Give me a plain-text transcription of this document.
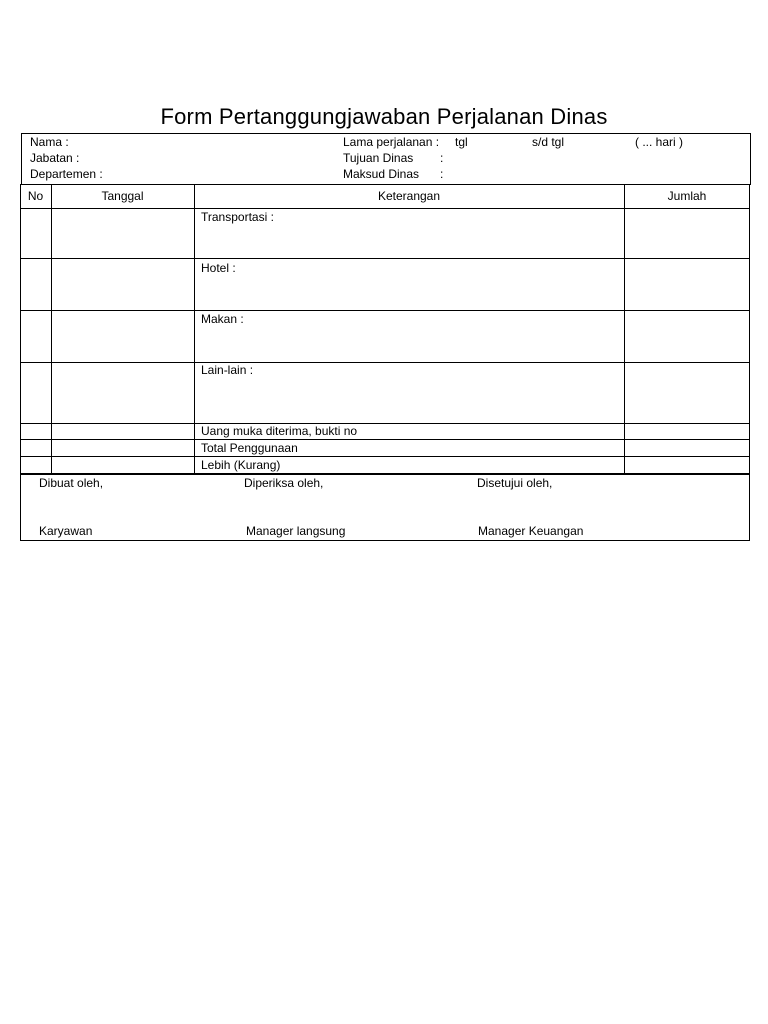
Form Pertanggungjawaban Perjalanan Dinas
Nama :
Jabatan :
Departemen :
Lama perjalanan : tgl	s/d tgl	( ... hari )
Tujuan Dinas :
Maksud Dinas :
No	Tanggal	Keterangan	Jumlah
Transportasi :
Hotel :
Makan :
Lain-lain :
Uang muka diterima, bukti no
Total Penggunaan
Lebih (Kurang)
Dibuat oleh,	Diperiksa oleh,	Disetujui oleh,
Karyawan	Manager langsung	Manager Keuangan
